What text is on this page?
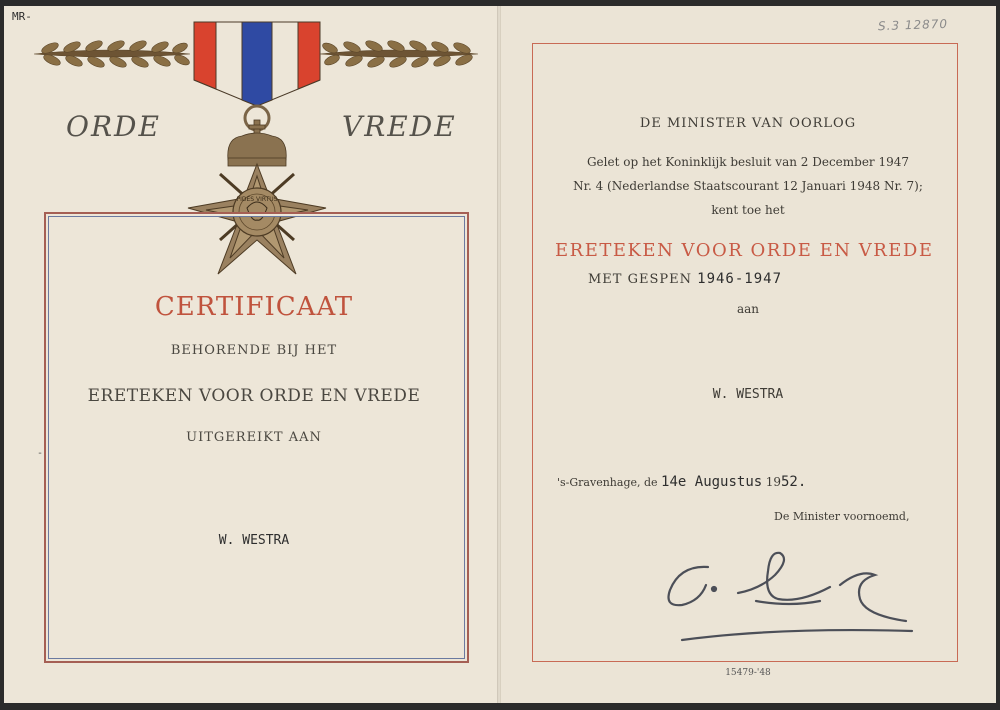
MR-
-
PIDES VIRTUS
ORDE	VREDE
CERTIFICAAT
BEHORENDE BIJ HET
ERETEKEN VOOR ORDE EN VREDE
UITGEREIKT AAN
W. WESTRA
S.3 12870
DE MINISTER VAN OORLOG
Gelet op het Koninklijk besluit van 2 December 1947
Nr. 4 (Nederlandse Staatscourant 12 Januari 1948 Nr. 7);
kent toe het
ERETEKEN VOOR ORDE EN VREDE
MET GESPEN 1946-1947
aan
W. WESTRA
's-Gravenhage, de 14e Augustus 1952.
De Minister voornoemd,
15479-'48
